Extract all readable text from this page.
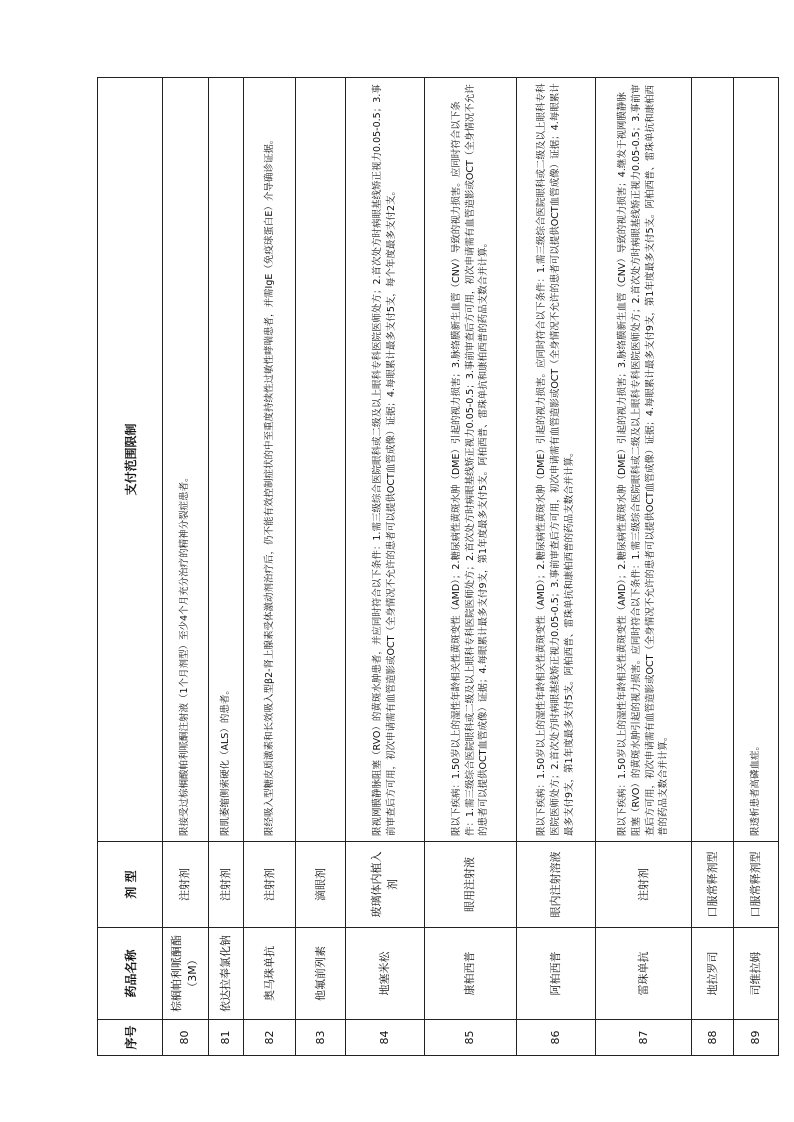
序号	药品名称	剂 型	支付范围限制
80	棕榈帕利哌酮酯（3M）	注射剂	限接受过棕榈酸帕利哌酮注射液（1个月剂型）至少4个月充分治疗的精神分裂症患者。
81	依达拉奉氯化钠	注射剂	限肌萎缩侧索硬化（ALS）的患者。
82	奥马珠单抗	注射剂	限经吸入型糖皮质激素和长效吸入型β2-肾上腺素受体激动剂治疗后，仍不能有效控制症状的中至重度持续性过敏性哮喘患者，并需IgE（免疫球蛋白E）介导确诊证据。
83	他氟前列素	滴眼剂	
84	地塞米松	玻璃体内植入剂	限视网膜静脉阻塞（RVO）的黄斑水肿患者，并应同时符合以下条件：1.需三级综合医院眼科或二级及以上眼科专科医院医师处方；2.首次处方时病眼基线矫正视力0.05-0.5；3.事前审查后方可用，初次申请需有血管造影或OCT（全身情况不允许的患者可以提供OCT血管成像）证据；4.每眼累计最多支付5支，每个年度最多支付2支。
85	康柏西普	眼用注射液	限以下疾病：1.50岁以上的湿性年龄相关性黄斑变性（AMD）；2.糖尿病性黄斑水肿（DME）引起的视力损害；3.脉络膜新生血管（CNV）导致的视力损害。应同时符合以下条件：1.需三级综合医院眼科或二级及以上眼科专科医院医师处方；2.首次处方时病眼基线矫正视力0.05-0.5；3.事前审查后方可用，初次申请需有血管造影或OCT（全身情况不允许的患者可以提供OCT血管成像）证据；4.每眼累计最多支付9支，第1年度最多支付5支。阿柏西普、雷珠单抗和康柏西普的药品支数合并计算。
86	阿柏西普	眼内注射溶液	限以下疾病：1.50岁以上的湿性年龄相关性黄斑变性（AMD）；2.糖尿病性黄斑水肿（DME）引起的视力损害。应同时符合以下条件：1.需三级综合医院眼科或二级及以上眼科专科医院医师处方；2.首次处方时病眼基线矫正视力0.05-0.5；3.事前审查后方可用，初次申请需有血管造影或OCT（全身情况不允许的患者可以提供OCT血管成像）证据；4.每眼累计最多支付9支，第1年度最多支付5支。阿柏西普、雷珠单抗和康柏西普的药品支数合并计算。
87	雷珠单抗	注射剂	限以下疾病：1.50岁以上的湿性年龄相关性黄斑变性（AMD）；2.糖尿病性黄斑水肿（DME）引起的视力损害；3.脉络膜新生血管（CNV）导致的视力损害；4.继发于视网膜静脉阻塞（RVO）的黄斑水肿引起的视力损害。应同时符合以下条件：1.需三级综合医院眼科或二级及以上眼科专科医院医师处方；2.首次处方时病眼基线矫正视力0.05-0.5；3.事前审查后方可用，初次申请需有血管造影或OCT（全身情况不允许的患者可以提供OCT血管成像）证据；4.每眼累计最多支付9支，第1年度最多支付5支。阿柏西普、雷珠单抗和康柏西普的药品支数合并计算。
88	地拉罗司	口服常释剂型	
89	司维拉姆	口服常释剂型	限透析患者高磷血症。
